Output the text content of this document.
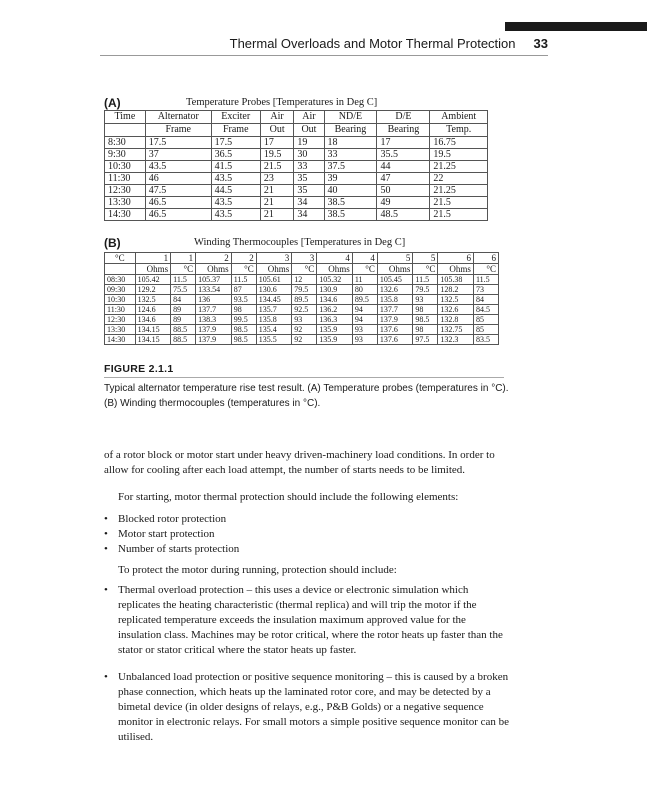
Thermal Overloads and Motor Thermal Protection 33
(A)	Temperature Probes [Temperatures in Deg C]
Time	Alternator	Exciter	Air	Air	ND/E	D/E	Ambient
	Frame	Frame	Out	Out	Bearing	Bearing	Temp.
8:30	17.5	17.5	17	19	18	17	16.75
9:30	37	36.5	19.5	30	33	35.5	19.5
10:30	43.5	41.5	21.5	33	37.5	44	21.25
11:30	46	43.5	23	35	39	47	22
12:30	47.5	44.5	21	35	40	50	21.25
13:30	46.5	43.5	21	34	38.5	49	21.5
14:30	46.5	43.5	21	34	38.5	48.5	21.5
(B)	Winding Thermocouples [Temperatures in Deg C]
°C	1	1	2	2	3	3	4	4	5	5	6	6
	Ohms	°C	Ohms	°C	Ohms	°C	Ohms	°C	Ohms	°C	Ohms	°C
08:30	105.42	11.5	105.37	11.5	105.61	12	105.32	11	105.45	11.5	105.38	11.5
09:30	129.2	75.5	133.54	87	130.6	79.5	130.9	80	132.6	79.5	128.2	73
10:30	132.5	84	136	93.5	134.45	89.5	134.6	89.5	135.8	93	132.5	84
11:30	124.6	89	137.7	98	135.7	92.5	136.2	94	137.7	98	132.6	84.5
12:30	134.6	89	138.3	99.5	135.8	93	136.3	94	137.9	98.5	132.8	85
13:30	134.15	88.5	137.9	98.5	135.4	92	135.9	93	137.6	98	132.75	85
14:30	134.15	88.5	137.9	98.5	135.5	92	135.9	93	137.6	97.5	132.3	83.5
FIGURE 2.1.1
Typical alternator temperature rise test result. (A) Temperature probes (temperatures in °C).
(B) Winding thermocouples (temperatures in °C).

of a rotor block or motor start under heavy driven-machinery load conditions. In order to allow for cooling after each load attempt, the number of starts needs to be limited.

For starting, motor thermal protection should include the following elements:

• Blocked rotor protection
• Motor start protection
• Number of starts protection

To protect the motor during running, protection should include:

• Thermal overload protection – this uses a device or electronic simulation which replicates the heating characteristic (thermal replica) and will trip the motor if the replicated temperature exceeds the insulation maximum approved value for the insulation class. Machines may be rotor critical, where the rotor heats up faster than the stator or stator critical where the stator heats up faster.
• Unbalanced load protection or positive sequence monitoring – this is caused by a broken phase connection, which heats up the laminated rotor core, and may be detected by a bimetal device (in older designs of relays, e.g., P&B Golds) or a negative sequence monitor in electronic relays. For small motors a simple positive sequence monitor can be utilised.
